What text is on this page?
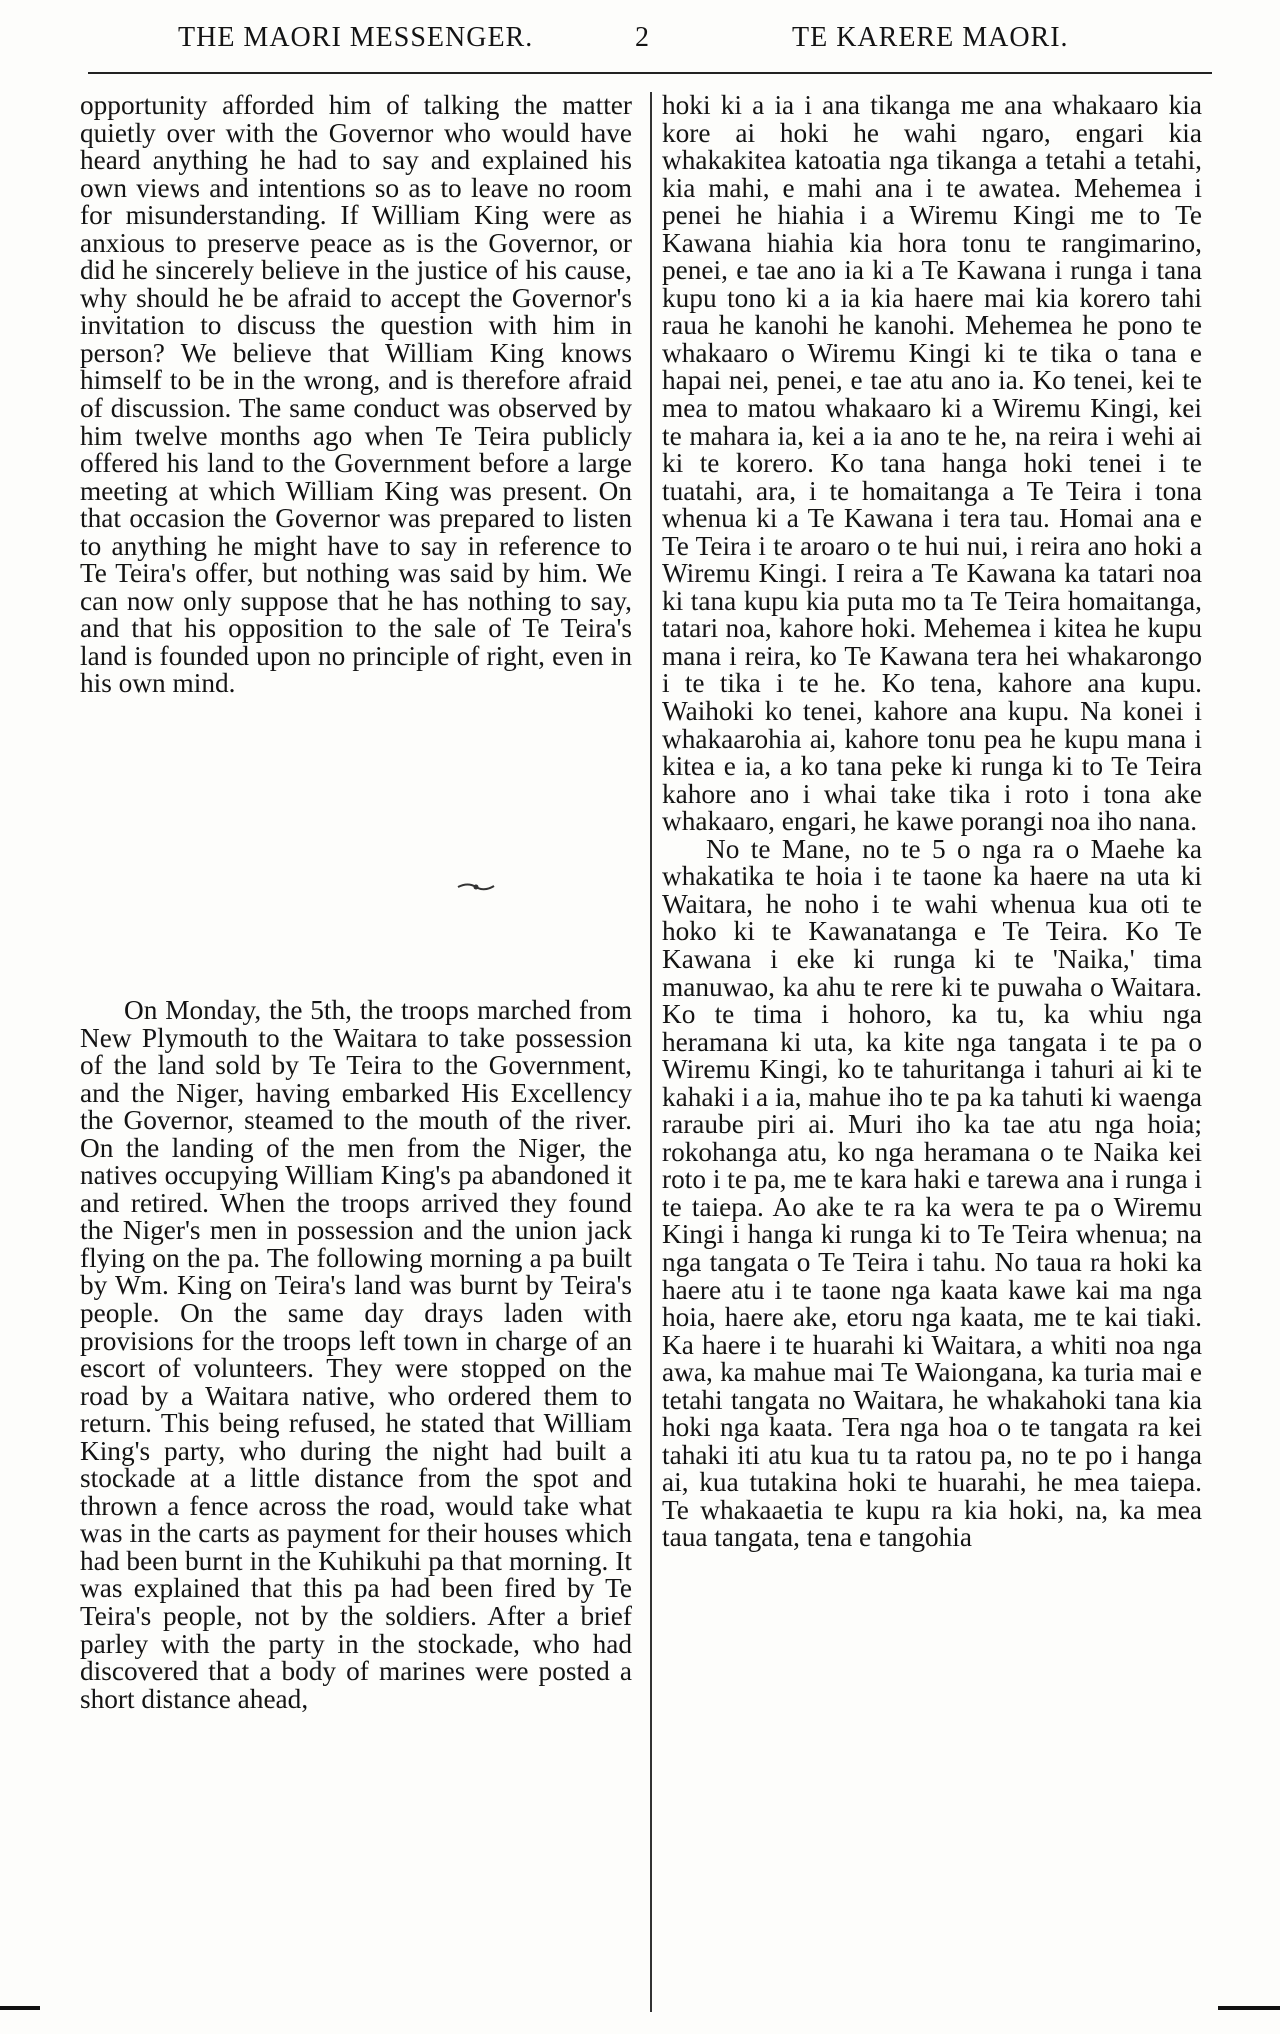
THE MAORI MESSENGER.	2	TE KARERE MAORI.

opportunity afforded him of talking the matter quietly over with the Governor who would have heard anything he had to say and explained his own views and intentions so as to leave no room for misunderstanding. If William King were as anxious to preserve peace as is the Governor, or did he sincerely believe in the justice of his cause, why should he be afraid to accept the Governor's invitation to discuss the question with him in person? We believe that William King knows himself to be in the wrong, and is therefore afraid of discussion. The same conduct was observed by him twelve months ago when Te Teira publicly offered his land to the Government before a large meeting at which William King was present. On that occasion the Governor was prepared to listen to anything he might have to say in reference to Te Teira's offer, but nothing was said by him. We can now only suppose that he has nothing to say, and that his opposition to the sale of Te Teira's land is founded upon no principle of right, even in his own mind.

On Monday, the 5th, the troops marched from New Plymouth to the Waitara to take possession of the land sold by Te Teira to the Government, and the Niger, having embarked His Excellency the Governor, steamed to the mouth of the river. On the landing of the men from the Niger, the natives occupying William King's pa abandoned it and retired. When the troops arrived they found the Niger's men in possession and the union jack flying on the pa. The following morning a pa built by Wm. King on Teira's land was burnt by Teira's people. On the same day drays laden with provisions for the troops left town in charge of an escort of volunteers. They were stopped on the road by a Waitara native, who ordered them to return. This being refused, he stated that William King's party, who during the night had built a stockade at a little distance from the spot and thrown a fence across the road, would take what was in the carts as payment for their houses which had been burnt in the Kuhikuhi pa that morning. It was explained that this pa had been fired by Te Teira's people, not by the soldiers. After a brief parley with the party in the stockade, who had discovered that a body of marines were posted a short distance ahead,

hoki ki a ia i ana tikanga me ana whakaaro kia kore ai hoki he wahi ngaro, engari kia whakakitea katoatia nga tikanga a tetahi a tetahi, kia mahi, e mahi ana i te awatea. Mehemea i penei he hiahia i a Wiremu Kingi me to Te Kawana hiahia kia hora tonu te rangimarino, penei, e tae ano ia ki a Te Kawana i runga i tana kupu tono ki a ia kia haere mai kia korero tahi raua he kanohi he kanohi. Mehemea he pono te whakaaro o Wiremu Kingi ki te tika o tana e hapai nei, penei, e tae atu ano ia. Ko tenei, kei te mea to matou whakaaro ki a Wiremu Kingi, kei te mahara ia, kei a ia ano te he, na reira i wehi ai ki te korero. Ko tana hanga hoki tenei i te tuatahi, ara, i te homaitanga a Te Teira i tona whenua ki a Te Kawana i tera tau. Homai ana e Te Teira i te aroaro o te hui nui, i reira ano hoki a Wiremu Kingi. I reira a Te Kawana ka tatari noa ki tana kupu kia puta mo ta Te Teira homaitanga, tatari noa, kahore hoki. Mehemea i kitea he kupu mana i reira, ko Te Kawana tera hei whakarongo i te tika i te he. Ko tena, kahore ana kupu. Waihoki ko tenei, kahore ana kupu. Na konei i whakaarohia ai, kahore tonu pea he kupu mana i kitea e ia, a ko tana peke ki runga ki to Te Teira kahore ano i whai take tika i roto i tona ake whakaaro, engari, he kawe porangi noa iho nana.

No te Mane, no te 5 o nga ra o Maehe ka whakatika te hoia i te taone ka haere na uta ki Waitara, he noho i te wahi whenua kua oti te hoko ki te Kawanatanga e Te Teira. Ko Te Kawana i eke ki runga ki te 'Naika,' tima manuwao, ka ahu te rere ki te puwaha o Waitara. Ko te tima i hohoro, ka tu, ka whiu nga heramana ki uta, ka kite nga tangata i te pa o Wiremu Kingi, ko te tahuritanga i tahuri ai ki te kahaki i a ia, mahue iho te pa ka tahuti ki waenga raraube piri ai. Muri iho ka tae atu nga hoia; rokohanga atu, ko nga heramana o te Naika kei roto i te pa, me te kara haki e tarewa ana i runga i te taiepa. Ao ake te ra ka wera te pa o Wiremu Kingi i hanga ki runga ki to Te Teira whenua; na nga tangata o Te Teira i tahu. No taua ra hoki ka haere atu i te taone nga kaata kawe kai ma nga hoia, haere ake, etoru nga kaata, me te kai tiaki. Ka haere i te huarahi ki Waitara, a whiti noa nga awa, ka mahue mai Te Waiongana, ka turia mai e tetahi tangata no Waitara, he whakahoki tana kia hoki nga kaata. Tera nga hoa o te tangata ra kei tahaki iti atu kua tu ta ratou pa, no te po i hanga ai, kua tutakina hoki te huarahi, he mea taiepa. Te whakaaetia te kupu ra kia hoki, na, ka mea taua tangata, tena e tangohia
